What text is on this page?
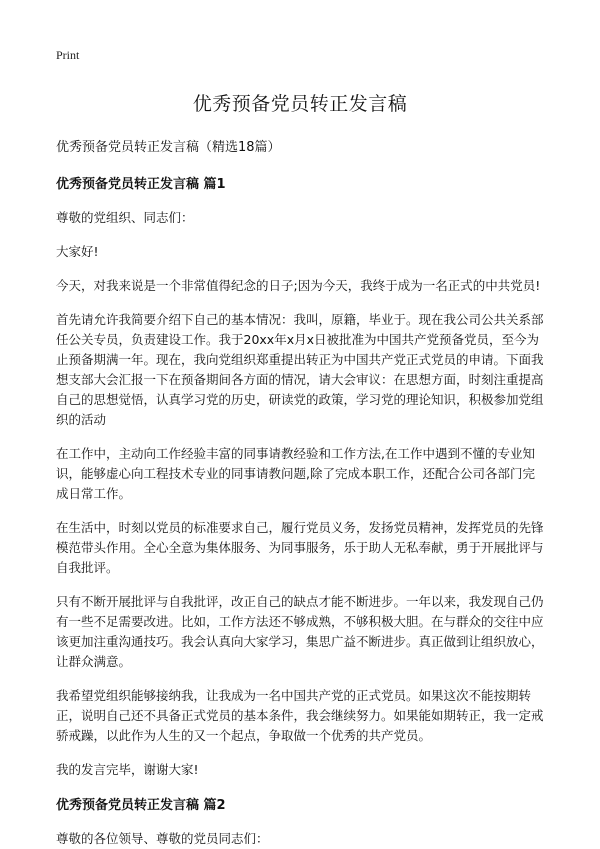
Print
优秀预备党员转正发言稿
优秀预备党员转正发言稿（精选18篇）
优秀预备党员转正发言稿 篇1

尊敬的党组织、同志们：

大家好!

今天，对我来说是一个非常值得纪念的日子;因为今天，我终于成为一名正式的中共党员!

首先请允许我简要介绍下自己的基本情况：我叫，原籍，毕业于。现在我公司公共关系部任公关专员，负责建设工作。我于20xx年x月x日被批准为中国共产党预备党员，至今为止预备期满一年。现在，我向党组织郑重提出转正为中国共产党正式党员的申请。下面我想支部大会汇报一下在预备期间各方面的情况，请大会审议：在思想方面，时刻注重提高自己的思想觉悟，认真学习党的历史，研读党的政策，学习党的理论知识，积极参加党组织的活动

在工作中，主动向工作经验丰富的同事请教经验和工作方法,在工作中遇到不懂的专业知识，能够虚心向工程技术专业的同事请教问题,除了完成本职工作，还配合公司各部门完成日常工作。

在生活中，时刻以党员的标准要求自己，履行党员义务，发扬党员精神，发挥党员的先锋模范带头作用。全心全意为集体服务、为同事服务，乐于助人无私奉献，勇于开展批评与自我批评。

只有不断开展批评与自我批评，改正自己的缺点才能不断进步。一年以来，我发现自己仍有一些不足需要改进。比如，工作方法还不够成熟，不够积极大胆。在与群众的交往中应该更加注重沟通技巧。我会认真向大家学习，集思广益不断进步。真正做到让组织放心，让群众满意。

我希望党组织能够接纳我，让我成为一名中国共产党的正式党员。如果这次不能按期转正，说明自己还不具备正式党员的基本条件，我会继续努力。如果能如期转正，我一定戒骄戒躁，以此作为人生的又一个起点，争取做一个优秀的共产党员。

我的发言完毕，谢谢大家!

优秀预备党员转正发言稿 篇2

尊敬的各位领导、尊敬的党员同志们：
